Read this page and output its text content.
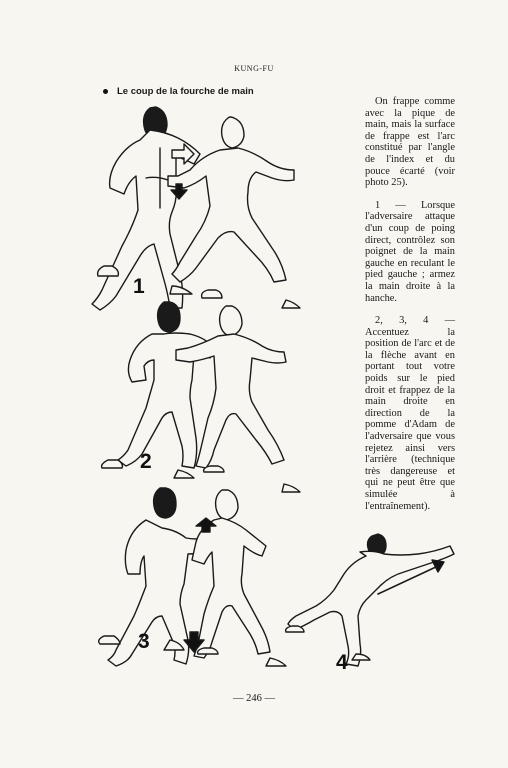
KUNG-FU
Le coup de la fourche de main
1
2
3
4

On frappe comme avec la pique de main, mais la surface de frappe est l'arc constitué par l'angle de l'index et du pouce écarté (voir photo 25).

1 — Lorsque l'adversaire attaque d'un coup de poing direct, contrôlez son poignet de la main gauche en reculant le pied gauche ; armez la main droite à la hanche.

2, 3, 4 — Accentuez la position de l'arc et de la flèche avant en portant tout votre poids sur le pied droit et frappez de la main droite en direction de la pomme d'Adam de l'adversaire que vous rejetez ainsi vers l'arrière (technique très dangereuse et qui ne peut être que simulée à l'entraînement).

— 246 —
